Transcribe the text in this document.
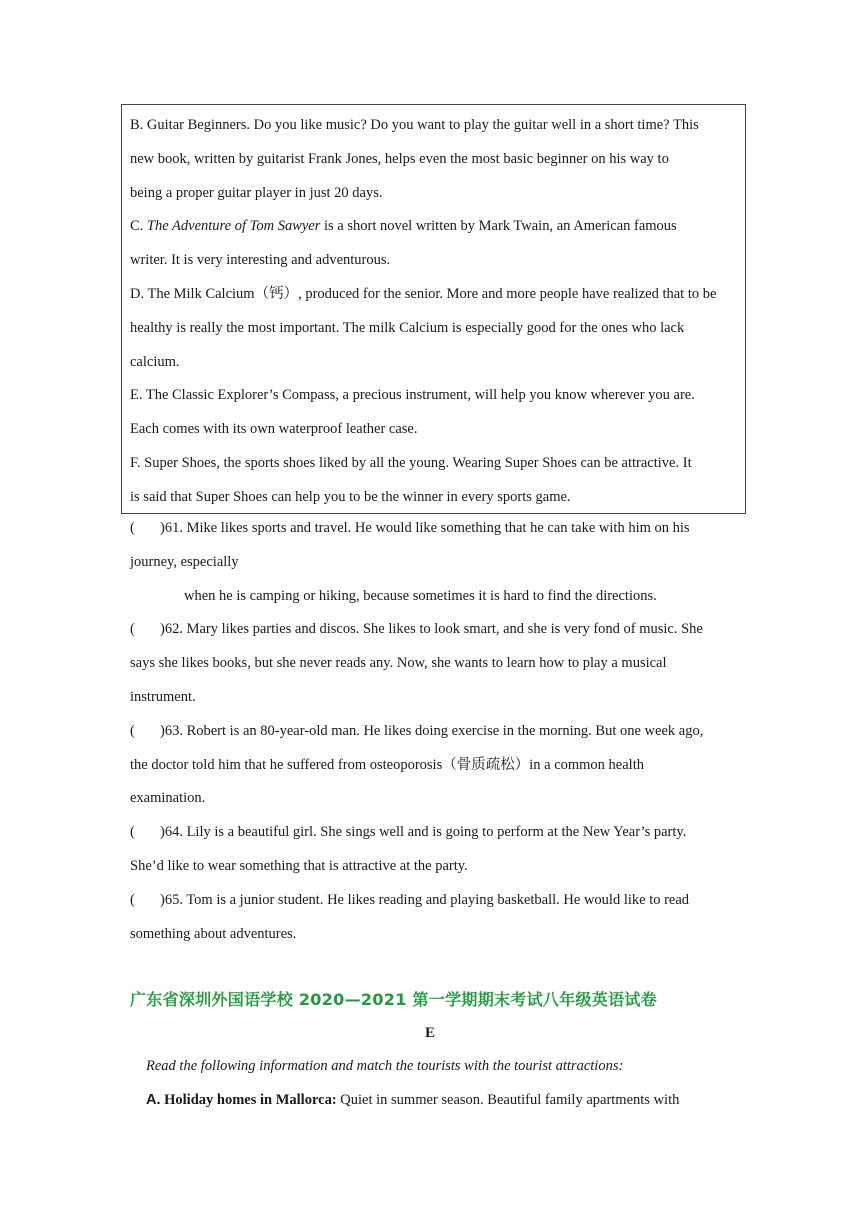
B. Guitar Beginners. Do you like music? Do you want to play the guitar well in a short time? This

new book, written by guitarist Frank Jones, helps even the most basic beginner on his way to

being a proper guitar player in just 20 days.

C. The Adventure of Tom Sawyer is a short novel written by Mark Twain, an American famous

writer. It is very interesting and adventurous.

D. The Milk Calcium（钙）, produced for the senior. More and more people have realized that to be

healthy is really the most important. The milk Calcium is especially good for the ones who lack

calcium.

E. The Classic Explorer’s Compass, a precious instrument, will help you know wherever you are.

Each comes with its own waterproof leather case.

F. Super Shoes, the sports shoes liked by all the young. Wearing Super Shoes can be attractive. It

is said that Super Shoes can help you to be the winner in every sports game.

( )61. Mike likes sports and travel. He would like something that he can take with him on his

journey, especially

when he is camping or hiking, because sometimes it is hard to find the directions.

( )62. Mary likes parties and discos. She likes to look smart, and she is very fond of music. She

says she likes books, but she never reads any. Now, she wants to learn how to play a musical

instrument.

( )63. Robert is an 80-year-old man. He likes doing exercise in the morning. But one week ago,

the doctor told him that he suffered from osteoporosis（骨质疏松）in a common health

examination.

( )64. Lily is a beautiful girl. She sings well and is going to perform at the New Year’s party.

She’d like to wear something that is attractive at the party.

( )65. Tom is a junior student. He likes reading and playing basketball. He would like to read

something about adventures.

广东省深圳外国语学校 2020—2021 第一学期期末考试八年级英语试卷
E
Read the following information and match the tourists with the tourist attractions:
A. Holiday homes in Mallorca: Quiet in summer season. Beautiful family apartments with
